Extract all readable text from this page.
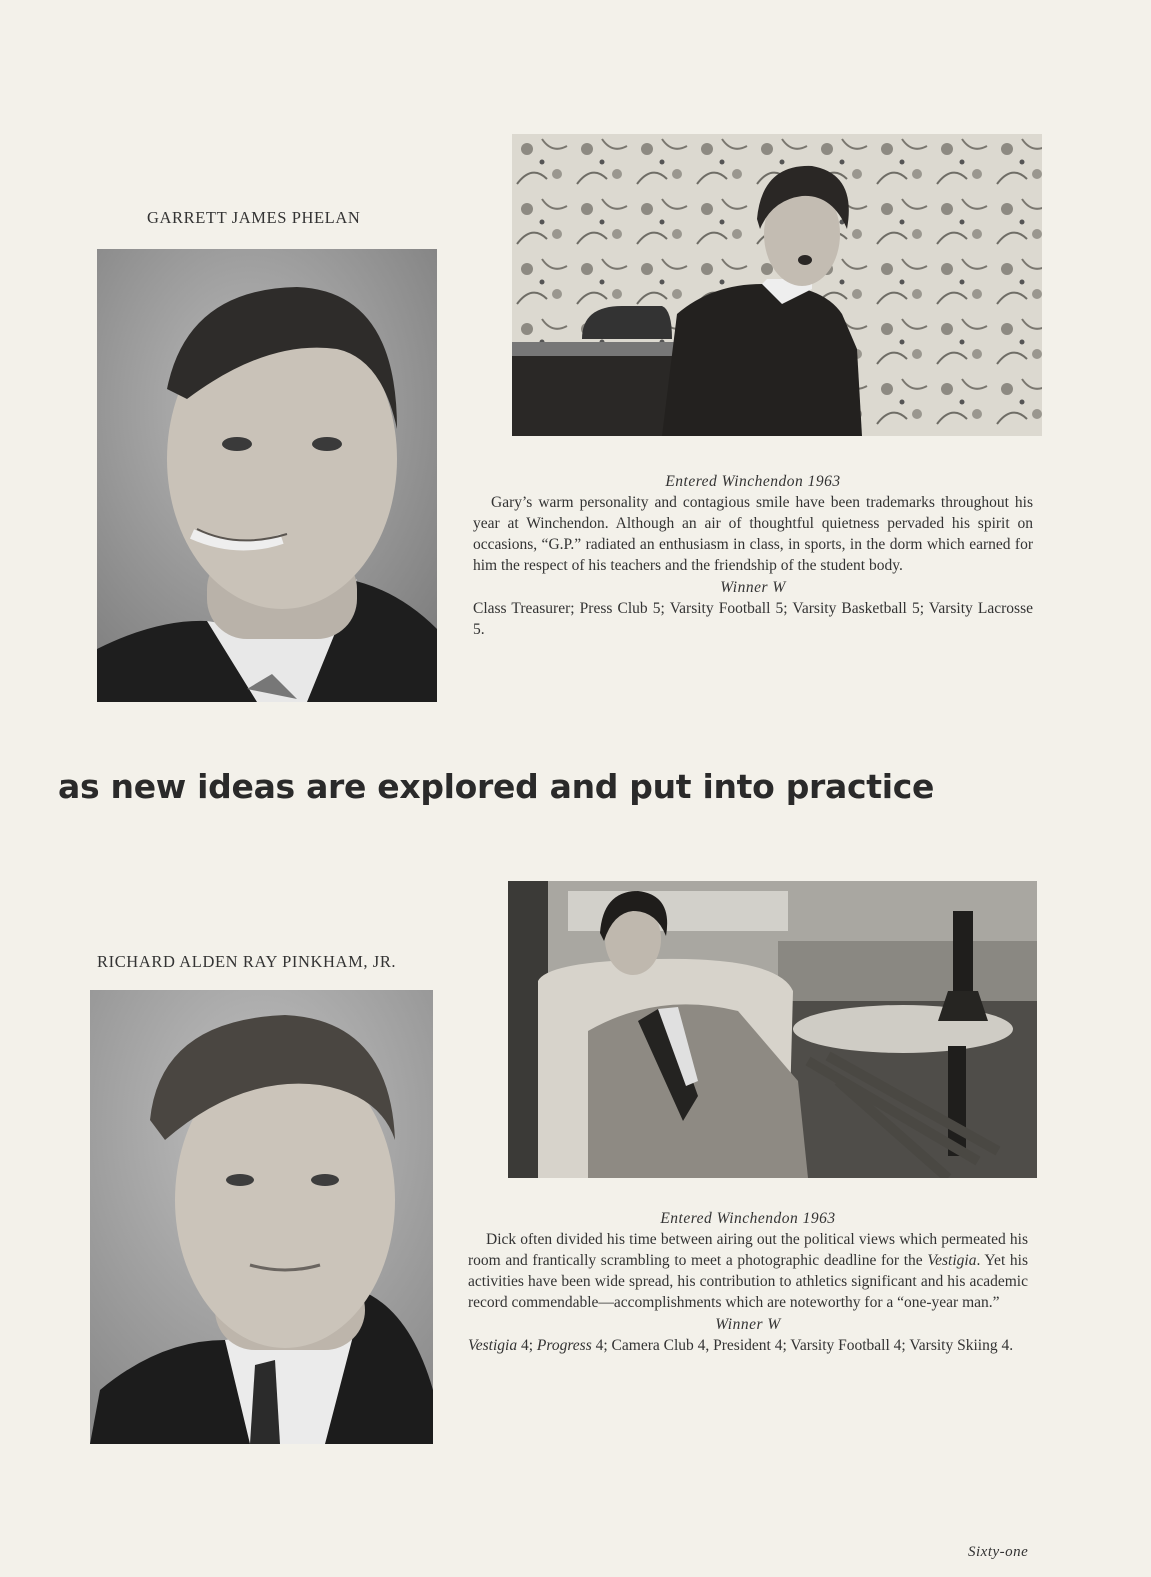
GARRETT JAMES PHELAN
Entered Winchendon 1963

Gary’s warm personality and contagious smile have been trademarks throughout his year at Winchendon. Although an air of thoughtful quietness pervaded his spirit on occasions, “G.P.” radiated an enthusiasm in class, in sports, in the dorm which earned for him the respect of his teachers and the friendship of the student body.

Winner W

Class Treasurer; Press Club 5; Varsity Football 5; Varsity Basketball 5; Varsity Lacrosse 5.

as new ideas are explored and put into practice
RICHARD ALDEN RAY PINKHAM, JR.
Entered Winchendon 1963

Dick often divided his time between airing out the political views which permeated his room and frantically scrambling to meet a photographic deadline for the Vestigia. Yet his activities have been wide spread, his contribution to athletics significant and his academic record commendable—accomplishments which are noteworthy for a “one-year man.”

Winner W

Vestigia 4; Progress 4; Camera Club 4, President 4; Varsity Football 4; Varsity Skiing 4.

Sixty-one
